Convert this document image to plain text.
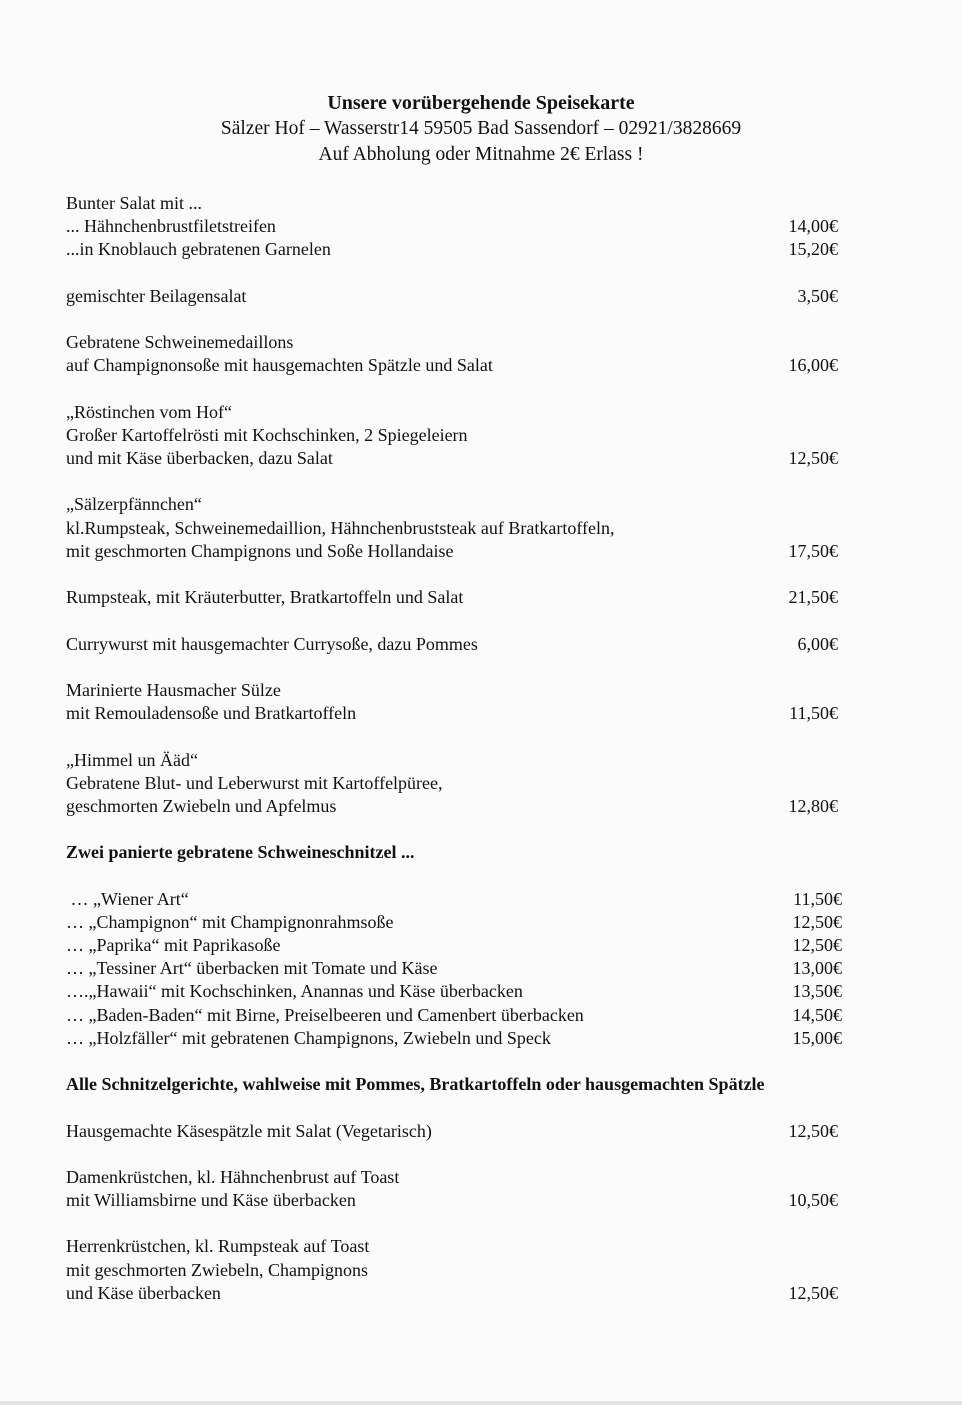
Unsere vorübergehende Speisekarte
Sälzer Hof – Wasserstr14 59505 Bad Sassendorf – 02921/3828669
Auf Abholung oder Mitnahme 2€ Erlass !
Bunter Salat mit ...
... Hähnchenbrustfiletstreifen	14,00€
...in Knoblauch gebratenen Garnelen	15,20€
gemischter Beilagensalat	3,50€
Gebratene Schweinemedaillons
auf Champignonsoße mit hausgemachten Spätzle und Salat	16,00€
„Röstinchen vom Hof“
Großer Kartoffelrösti mit Kochschinken, 2 Spiegeleiern
und mit Käse überbacken, dazu Salat	12,50€
„Sälzerpfännchen“
kl.Rumpsteak, Schweinemedaillion, Hähnchenbruststeak auf Bratkartoffeln,
mit geschmorten Champignons und Soße Hollandaise	17,50€
Rumpsteak, mit Kräuterbutter, Bratkartoffeln und Salat	21,50€
Currywurst mit hausgemachter Currysoße, dazu Pommes	6,00€
Marinierte Hausmacher Sülze
mit Remouladensoße und Bratkartoffeln	11,50€
„Himmel un Ääd“
Gebratene Blut- und Leberwurst mit Kartoffelpüree,
geschmorten Zwiebeln und Apfelmus	12,80€
Zwei panierte gebratene Schweineschnitzel ...
… „Wiener Art“	11,50€
… „Champignon“ mit Champignonrahmsoße	12,50€
… „Paprika“ mit Paprikasoße	12,50€
… „Tessiner Art“ überbacken mit Tomate und Käse	13,00€
….„Hawaii“ mit Kochschinken, Anannas und Käse überbacken	13,50€
… „Baden-Baden“ mit Birne, Preiselbeeren und Camenbert überbacken	14,50€
… „Holzfäller“ mit gebratenen Champignons, Zwiebeln und Speck	15,00€
Alle Schnitzelgerichte, wahlweise mit Pommes, Bratkartoffeln oder hausgemachten Spätzle
Hausgemachte Käsespätzle mit Salat (Vegetarisch)	12,50€
Damenkrüstchen, kl. Hähnchenbrust auf Toast
mit Williamsbirne und Käse überbacken	10,50€
Herrenkrüstchen, kl. Rumpsteak auf Toast
mit geschmorten Zwiebeln, Champignons
und Käse überbacken	12,50€
